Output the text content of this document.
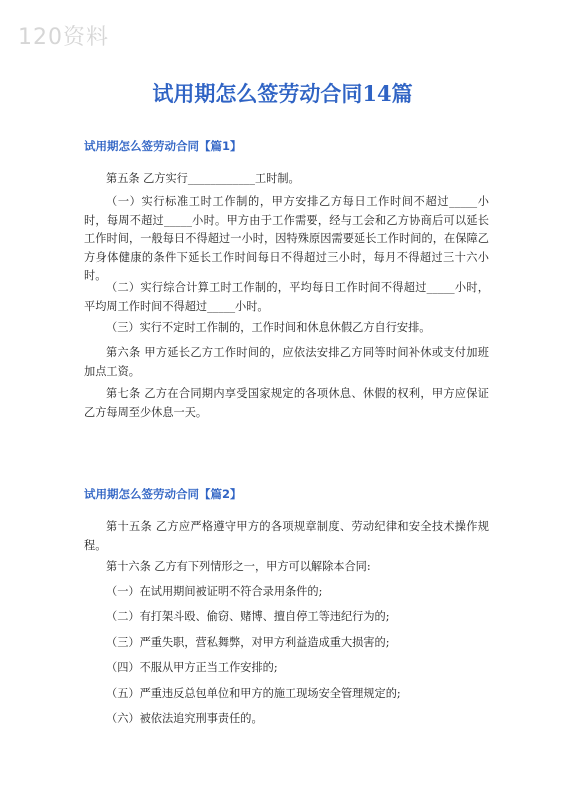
120资料
试用期怎么签劳动合同14篇
试用期怎么签劳动合同【篇1】
第五条 乙方实行____________工时制。
（一）实行标准工时工作制的，甲方安排乙方每日工作时间不超过_____小时，每周不超过_____小时。甲方由于工作需要，经与工会和乙方协商后可以延长工作时间，一般每日不得超过一小时，因特殊原因需要延长工作时间的，在保障乙方身体健康的条件下延长工作时间每日不得超过三小时，每月不得超过三十六小时。
（二）实行综合计算工时工作制的，平均每日工作时间不得超过_____小时，平均周工作时间不得超过_____小时。
（三）实行不定时工作制的，工作时间和休息休假乙方自行安排。
第六条 甲方延长乙方工作时间的，应依法安排乙方同等时间补休或支付加班加点工资。
第七条 乙方在合同期内享受国家规定的各项休息、休假的权利，甲方应保证乙方每周至少休息一天。
试用期怎么签劳动合同【篇2】
第十五条 乙方应严格遵守甲方的各项规章制度、劳动纪律和安全技术操作规程。
第十六条 乙方有下列情形之一，甲方可以解除本合同:
（一）在试用期间被证明不符合录用条件的;
（二）有打架斗殴、偷窃、赌博、擅自停工等违纪行为的;
（三）严重失职，营私舞弊，对甲方利益造成重大损害的;
（四）不服从甲方正当工作安排的;
（五）严重违反总包单位和甲方的施工现场安全管理规定的;
（六）被依法追究刑事责任的。
